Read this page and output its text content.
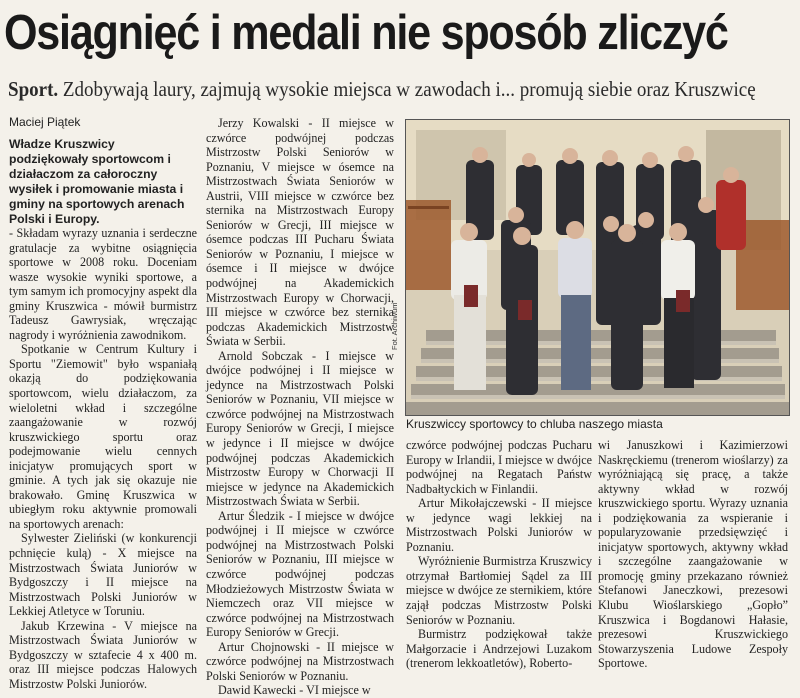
Osiągnięć i medali nie sposób zliczyć
Sport. Zdobywają laury, zajmują wysokie miejsca w zawodach i... promują siebie oraz Kruszwicę
Maciej Piątek
Władze Kruszwicy podziękowały sportowcom i działaczom za całoroczny wysiłek i promowanie miasta i gminy na sportowych arenach Polski i Europy.

- Składam wyrazy uznania i serdeczne gratulacje za wybitne osiągnięcia sportowe w 2008 roku. Doceniam wasze wysokie wyniki sportowe, a tym samym ich promocyjny aspekt dla gminy Kruszwica - mówił burmistrz Tadeusz Gawrysiak, wręczając nagrody i wyróżnienia zawodnikom.

Spotkanie w Centrum Kultury i Sportu "Ziemowit" było wspaniałą okazją do podziękowania sportowcom, wielu działaczom, za wieloletni wkład i szczególne zaangażowanie w rozwój kruszwickiego sportu oraz podejmowanie wielu cennych inicjatyw promujących sport w gminie. A tych jak się okazuje nie brakowało. Gminę Kruszwica w ubiegłym roku aktywnie promowali na sportowych arenach:

Sylwester Zieliński (w konkurencji pchnięcie kulą) - X miejsce na Mistrzostwach Świata Juniorów w Bydgoszczy i II miejsce na Mistrzostwach Polski Juniorów w Lekkiej Atletyce w Toruniu.

Jakub Krzewina - V miejsce na Mistrzostwach Świata Juniorów w Bydgoszczy w sztafecie 4 x 400 m. oraz III miejsce podczas Halowych Mistrzostw Polski Juniorów.

Jerzy Kowalski - II miejsce w czwórce podwójnej podczas Mistrzostw Polski Seniorów w Poznaniu, V miejsce w ósemce na Mistrzostwach Świata Seniorów w Austrii, VIII miejsce w czwórce bez sternika na Mistrzostwach Europy Seniorów w Grecji, III miejsce w ósemce podczas III Pucharu Świata Seniorów w Poznaniu, I miejsce w ósemce i II miejsce w dwójce podwójnej na Akademickich Mistrzostwach Europy w Chorwacji, III miejsce w czwórce bez sternika podczas Akademickich Mistrzostw Świata w Serbii.

Arnold Sobczak - I miejsce w dwójce podwójnej i II miejsce w jedynce na Mistrzostwach Polski Seniorów w Poznaniu, VII miejsce w czwórce podwójnej na Mistrzostwach Europy Seniorów w Grecji, I miejsce w jedynce i II miejsce w dwójce podwójnej podczas Akademickich Mistrzostw Europy w Chorwacji II miejsce w jedynce na Akademickich Mistrzostwach Świata w Serbii.

Artur Śledzik - I miejsce w dwójce podwójnej i II miejsce w czwórce podwójnej na Mistrzostwach Polski Seniorów w Poznaniu, III miejsce w czwórce podwójnej podczas Młodzieżowych Mistrzostw Świata w Niemczech oraz VII miejsce w czwórce podwójnej na Mistrzostwach Europy Seniorów w Grecji.

Artur Chojnowski - II miejsce w czwórce podwójnej na Mistrzostwach Polski Seniorów w Poznaniu.

Dawid Kawecki - VI miejsce w

Fot. Archiwum
Kruszwiccy sportowcy to chluba naszego miasta

czwórce podwójnej podczas Pucharu Europy w Irlandii, I miejsce w dwójce podwójnej na Regatach Państw Nadbałtyckich w Finlandii.

Artur Mikołajczewski - II miejsce w jedynce wagi lekkiej na Mistrzostwach Polski Juniorów w Poznaniu.

Wyróżnienie Burmistrza Kruszwicy otrzymał Bartłomiej Sądel za III miejsce w dwójce ze sternikiem, które zajął podczas Mistrzostw Polski Seniorów w Poznaniu.

Burmistrz podziękował także Małgorzacie i Andrzejowi Luzakom (trenerom lekkoatletów), Roberto-

wi Januszkowi i Kazimierzowi Naskręckiemu (trenerom wioślarzy) za wyróżniającą się pracę, a także aktywny wkład w rozwój kruszwickiego sportu. Wyrazy uznania i podziękowania za wspieranie i popularyzowanie przedsięwzięć i inicjatyw sportowych, aktywny wkład i szczególne zaangażowanie w promocję gminy przekazano również Stefanowi Janeczkowi, prezesowi Klubu Wioślarskiego „Gopło” Kruszwica i Bogdanowi Hałasie, prezesowi Kruszwickiego Stowarzyszenia Ludowe Zespoły Sportowe.
